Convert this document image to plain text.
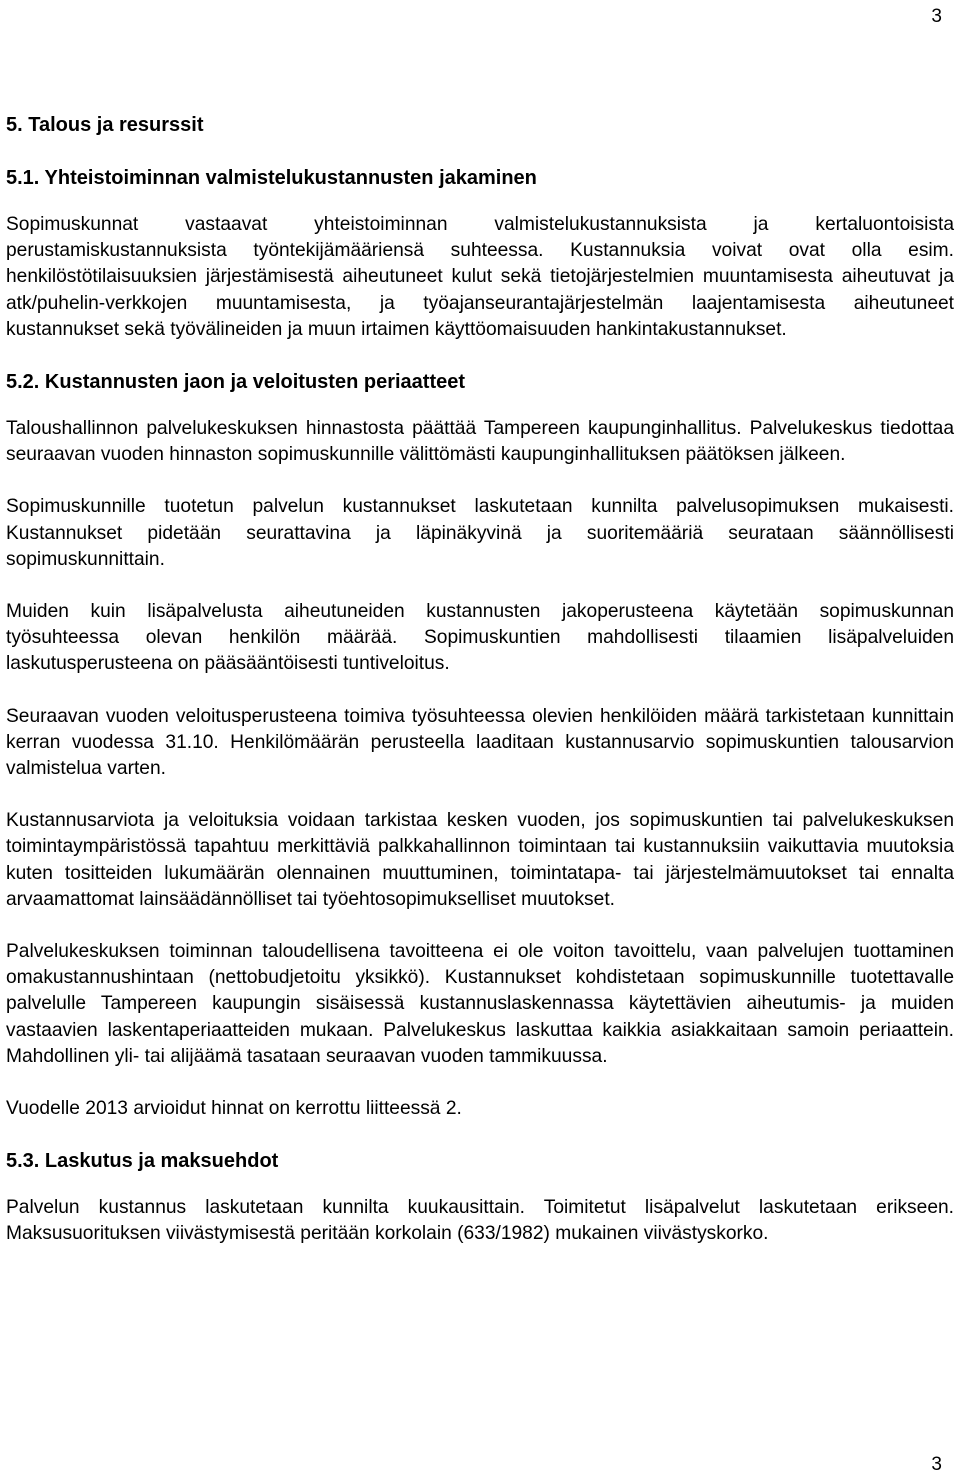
3
5. Talous ja resurssit
5.1. Yhteistoiminnan valmistelukustannusten jakaminen

Sopimuskunnat vastaavat yhteistoiminnan valmistelukustannuksista ja kertaluontoisista perustamiskustannuksista työntekijämääriensä suhteessa. Kustannuksia voivat ovat olla esim. henkilöstötilaisuuksien järjestämisestä aiheutuneet kulut sekä tietojärjestelmien muuntamisesta aiheutuvat ja atk/puhelin-verkkojen muuntamisesta, ja työajanseurantajärjestelmän laajentamisesta aiheutuneet kustannukset sekä työvälineiden ja muun irtaimen käyttöomaisuuden hankintakustannukset.

5.2. Kustannusten jaon ja veloitusten periaatteet

Taloushallinnon palvelukeskuksen hinnastosta päättää Tampereen kaupunginhallitus. Palvelukeskus tiedottaa seuraavan vuoden hinnaston sopimuskunnille välittömästi kaupunginhallituksen päätöksen jälkeen.

Sopimuskunnille tuotetun palvelun kustannukset laskutetaan kunnilta palvelusopimuksen mukaisesti. Kustannukset pidetään seurattavina ja läpinäkyvinä ja suoritemääriä seurataan säännöllisesti sopimuskunnittain.

Muiden kuin lisäpalvelusta aiheutuneiden kustannusten jakoperusteena käytetään sopimuskunnan työsuhteessa olevan henkilön määrää. Sopimuskuntien mahdollisesti tilaamien lisäpalveluiden laskutusperusteena on pääsääntöisesti tuntiveloitus.

Seuraavan vuoden veloitusperusteena toimiva työsuhteessa olevien henkilöiden määrä tarkistetaan kunnittain kerran vuodessa 31.10. Henkilömäärän perusteella laaditaan kustannusarvio sopimuskuntien talousarvion valmistelua varten.

Kustannusarviota ja veloituksia voidaan tarkistaa kesken vuoden, jos sopimuskuntien tai palvelukeskuksen toimintaympäristössä tapahtuu merkittäviä palkkahallinnon toimintaan tai kustannuksiin vaikuttavia muutoksia kuten tositteiden lukumäärän olennainen muuttuminen, toimintatapa- tai järjestelmämuutokset tai ennalta arvaamattomat lainsäädännölliset tai työehtosopimukselliset muutokset.

Palvelukeskuksen toiminnan taloudellisena tavoitteena ei ole voiton tavoittelu, vaan palvelujen tuottaminen omakustannushintaan (nettobudjetoitu yksikkö). Kustannukset kohdistetaan sopimuskunnille tuotettavalle palvelulle Tampereen kaupungin sisäisessä kustannuslaskennassa käytettävien aiheutumis- ja muiden vastaavien laskentaperiaatteiden mukaan. Palvelukeskus laskuttaa kaikkia asiakkaitaan samoin periaattein. Mahdollinen yli- tai alijäämä tasataan seuraavan vuoden tammikuussa.

Vuodelle 2013 arvioidut hinnat on kerrottu liitteessä 2.

5.3. Laskutus ja maksuehdot

Palvelun kustannus laskutetaan kunnilta kuukausittain. Toimitetut lisäpalvelut laskutetaan erikseen. Maksusuorituksen viivästymisestä peritään korkolain (633/1982) mukainen viivästyskorko.

3
